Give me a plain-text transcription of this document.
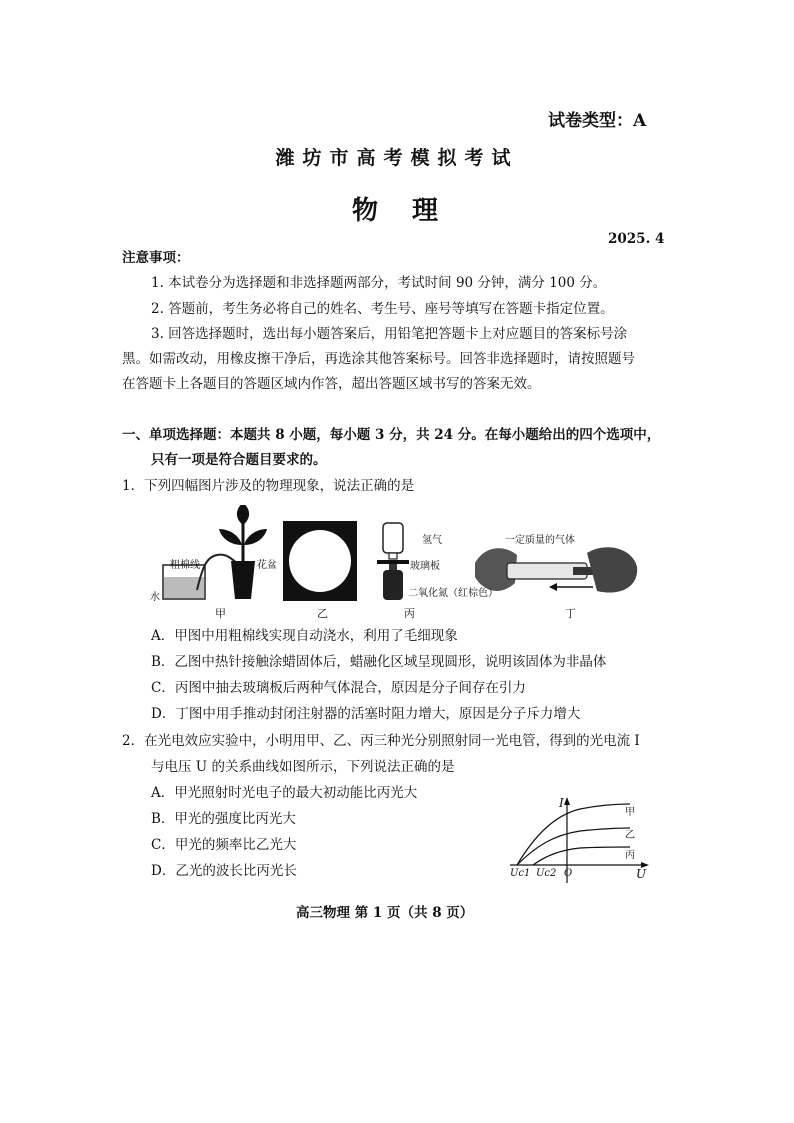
试卷类型：A
潍坊市高考模拟考试
物　理
2025. 4
注意事项：
1. 本试卷分为选择题和非选择题两部分，考试时间 90 分钟，满分 100 分。
2. 答题前，考生务必将自己的姓名、考生号、座号等填写在答题卡指定位置。
3. 回答选择题时，选出每小题答案后，用铅笔把答题卡上对应题目的答案标号涂
黑。如需改动，用橡皮擦干净后，再选涂其他答案标号。回答非选择题时，请按照题号
在答题卡上各题目的答题区域内作答，超出答题区域书写的答案无效。
一、单项选择题：本题共 8 小题，每小题 3 分，共 24 分。在每小题给出的四个选项中，
只有一项是符合题目要求的。
1．下列四幅图片涉及的物理现象，说法正确的是
粗棉线	花盆
水
氢气
玻璃板
二氧化氮（红棕色）
一定质量的气体
甲	乙	丙	丁
A．甲图中用粗棉线实现自动浇水，利用了毛细现象
B．乙图中热针接触涂蜡固体后，蜡融化区域呈现圆形，说明该固体为非晶体
C．丙图中抽去玻璃板后两种气体混合，原因是分子间存在引力
D．丁图中用手推动封闭注射器的活塞时阻力增大，原因是分子斥力增大
2．在光电效应实验中，小明用甲、乙、丙三种光分别照射同一光电管，得到的光电流 I
与电压 U 的关系曲线如图所示，下列说法正确的是
A．甲光照射时光电子的最大初动能比丙光大
B．甲光的强度比丙光大
C．甲光的频率比乙光大
D．乙光的波长比丙光长
I
U
甲
乙
丙
Uc1 Uc2 O
高三物理 第 1 页（共 8 页）
